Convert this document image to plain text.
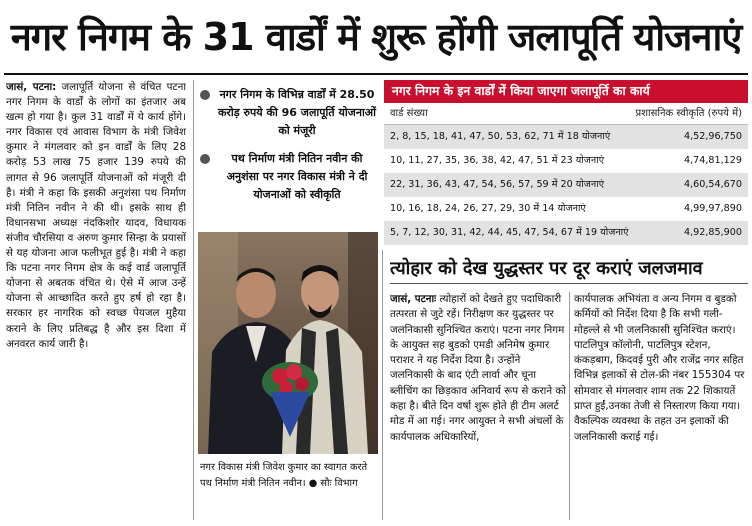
नगर निगम के 31 वार्डों में शुरू होंगी जलापूर्ति योजनाएं
जासं, पटना: जलापूर्ति योजना से वंचित पटना नगर निगम के वार्डों के लोगों का इंतजार अब खत्म हो गया है। कुल 31 वार्डों में ये कार्य होंगे। नगर विकास एवं आवास विभाग के मंत्री जिवेश कुमार ने मंगलवार को इन वार्डों के लिए 28 करोड़ 53 लाख 75 हजार 139 रुपये की लागत से 96 जलापूर्ति योजनाओं को मंजूरी दी है। मंत्री ने कहा कि इसकी अनुशंसा पथ निर्माण मंत्री नितिन नवीन ने की थी। इसके साथ ही विधानसभा अध्यक्ष नंदकिशोर यादव, विधायक संजीव चौरसिया व अरुण कुमार सिन्हा के प्रयासों से यह योजना आज फलीभूत हुई है। मंत्री ने कहा कि पटना नगर निगम क्षेत्र के कई वार्ड जलापूर्ति योजना से अबतक वंचित थे। ऐसे में आज उन्हें योजना से आच्छादित करते हुए हर्ष हो रहा है। सरकार हर नागरिक को स्वच्छ पेयजल मुहैया कराने के लिए प्रतिबद्ध है और इस दिशा में अनवरत कार्य जारी है।
नगर निगम के विभिन्न वार्डों में 28.50 करोड़ रुपये की 96 जलापूर्ति योजनाओं को मंजूरी
पथ निर्माण मंत्री नितिन नवीन की अनुशंसा पर नगर विकास मंत्री ने दी योजनाओं को स्वीकृति
नगर विकास मंत्री जिवेश कुमार का स्वागत करते पथ निर्माण मंत्री नितिन नवीन। ● सौः विभाग
नगर निगम के इन वार्डों में किया जाएगा जलापूर्ति का कार्य
वार्ड संख्या	प्रशासनिक स्वीकृति (रुपये में)
2, 8, 15, 18, 41, 47, 50, 53, 62, 71 में 18 योजनाएं	4,52,96,750
10, 11, 27, 35, 36, 38, 42, 47, 51 में 23 योजनाएं	4,74,81,129
22, 31, 36, 43, 47, 54, 56, 57, 59 में 20 योजनाएं	4,60,54,670
10, 16, 18, 24, 26, 27, 29, 30 में 14 योजनाएं	4,99,97,890
5, 7, 12, 30, 31, 42, 44, 45, 47, 54, 67 में 19 योजनाएं	4,92,85,900
त्योहार को देख युद्धस्तर पर दूर कराएं जलजमाव
जासं, पटनाः त्योहारों को देखते हुए पदाधिकारी तत्परता से जुटे रहें। निरीक्षण कर युद्धस्तर पर जलनिकासी सुनिश्चित कराएं। पटना नगर निगम के आयुक्त सह बुडको एमडी अनिमेष कुमार पराशर ने यह निर्देश दिया है। उन्होंने जलनिकासी के बाद एंटी लार्वा और चूना ब्लीचिंग का छिड़काव अनिवार्य रूप से कराने को कहा है। बीते दिन वर्षा शुरू होते ही टीम अलर्ट मोड में आ गई। नगर आयुक्त ने सभी अंचलों के कार्यपालक अधिकारियों,
कार्यपालक अभियंता व अन्य निगम व बुडको कर्मियों को निर्देश दिया है कि सभी गली-मोहल्ले से भी जलनिकासी सुनिश्चित कराएं। पाटलिपुत्र कॉलोनी, पाटलिपुत्र स्टेशन, कंकड़बाग, किदवई पुरी और राजेंद्र नगर सहित विभिन्न इलाकों से टोल-फ्री नंबर 155304 पर सोमवार से मंगलवार शाम तक 22 शिकायतें प्राप्त हुईं,उनका तेजी से निस्तारण किया गया। वैकल्पिक व्यवस्था के तहत उन इलाकों की जलनिकासी कराई गई।
